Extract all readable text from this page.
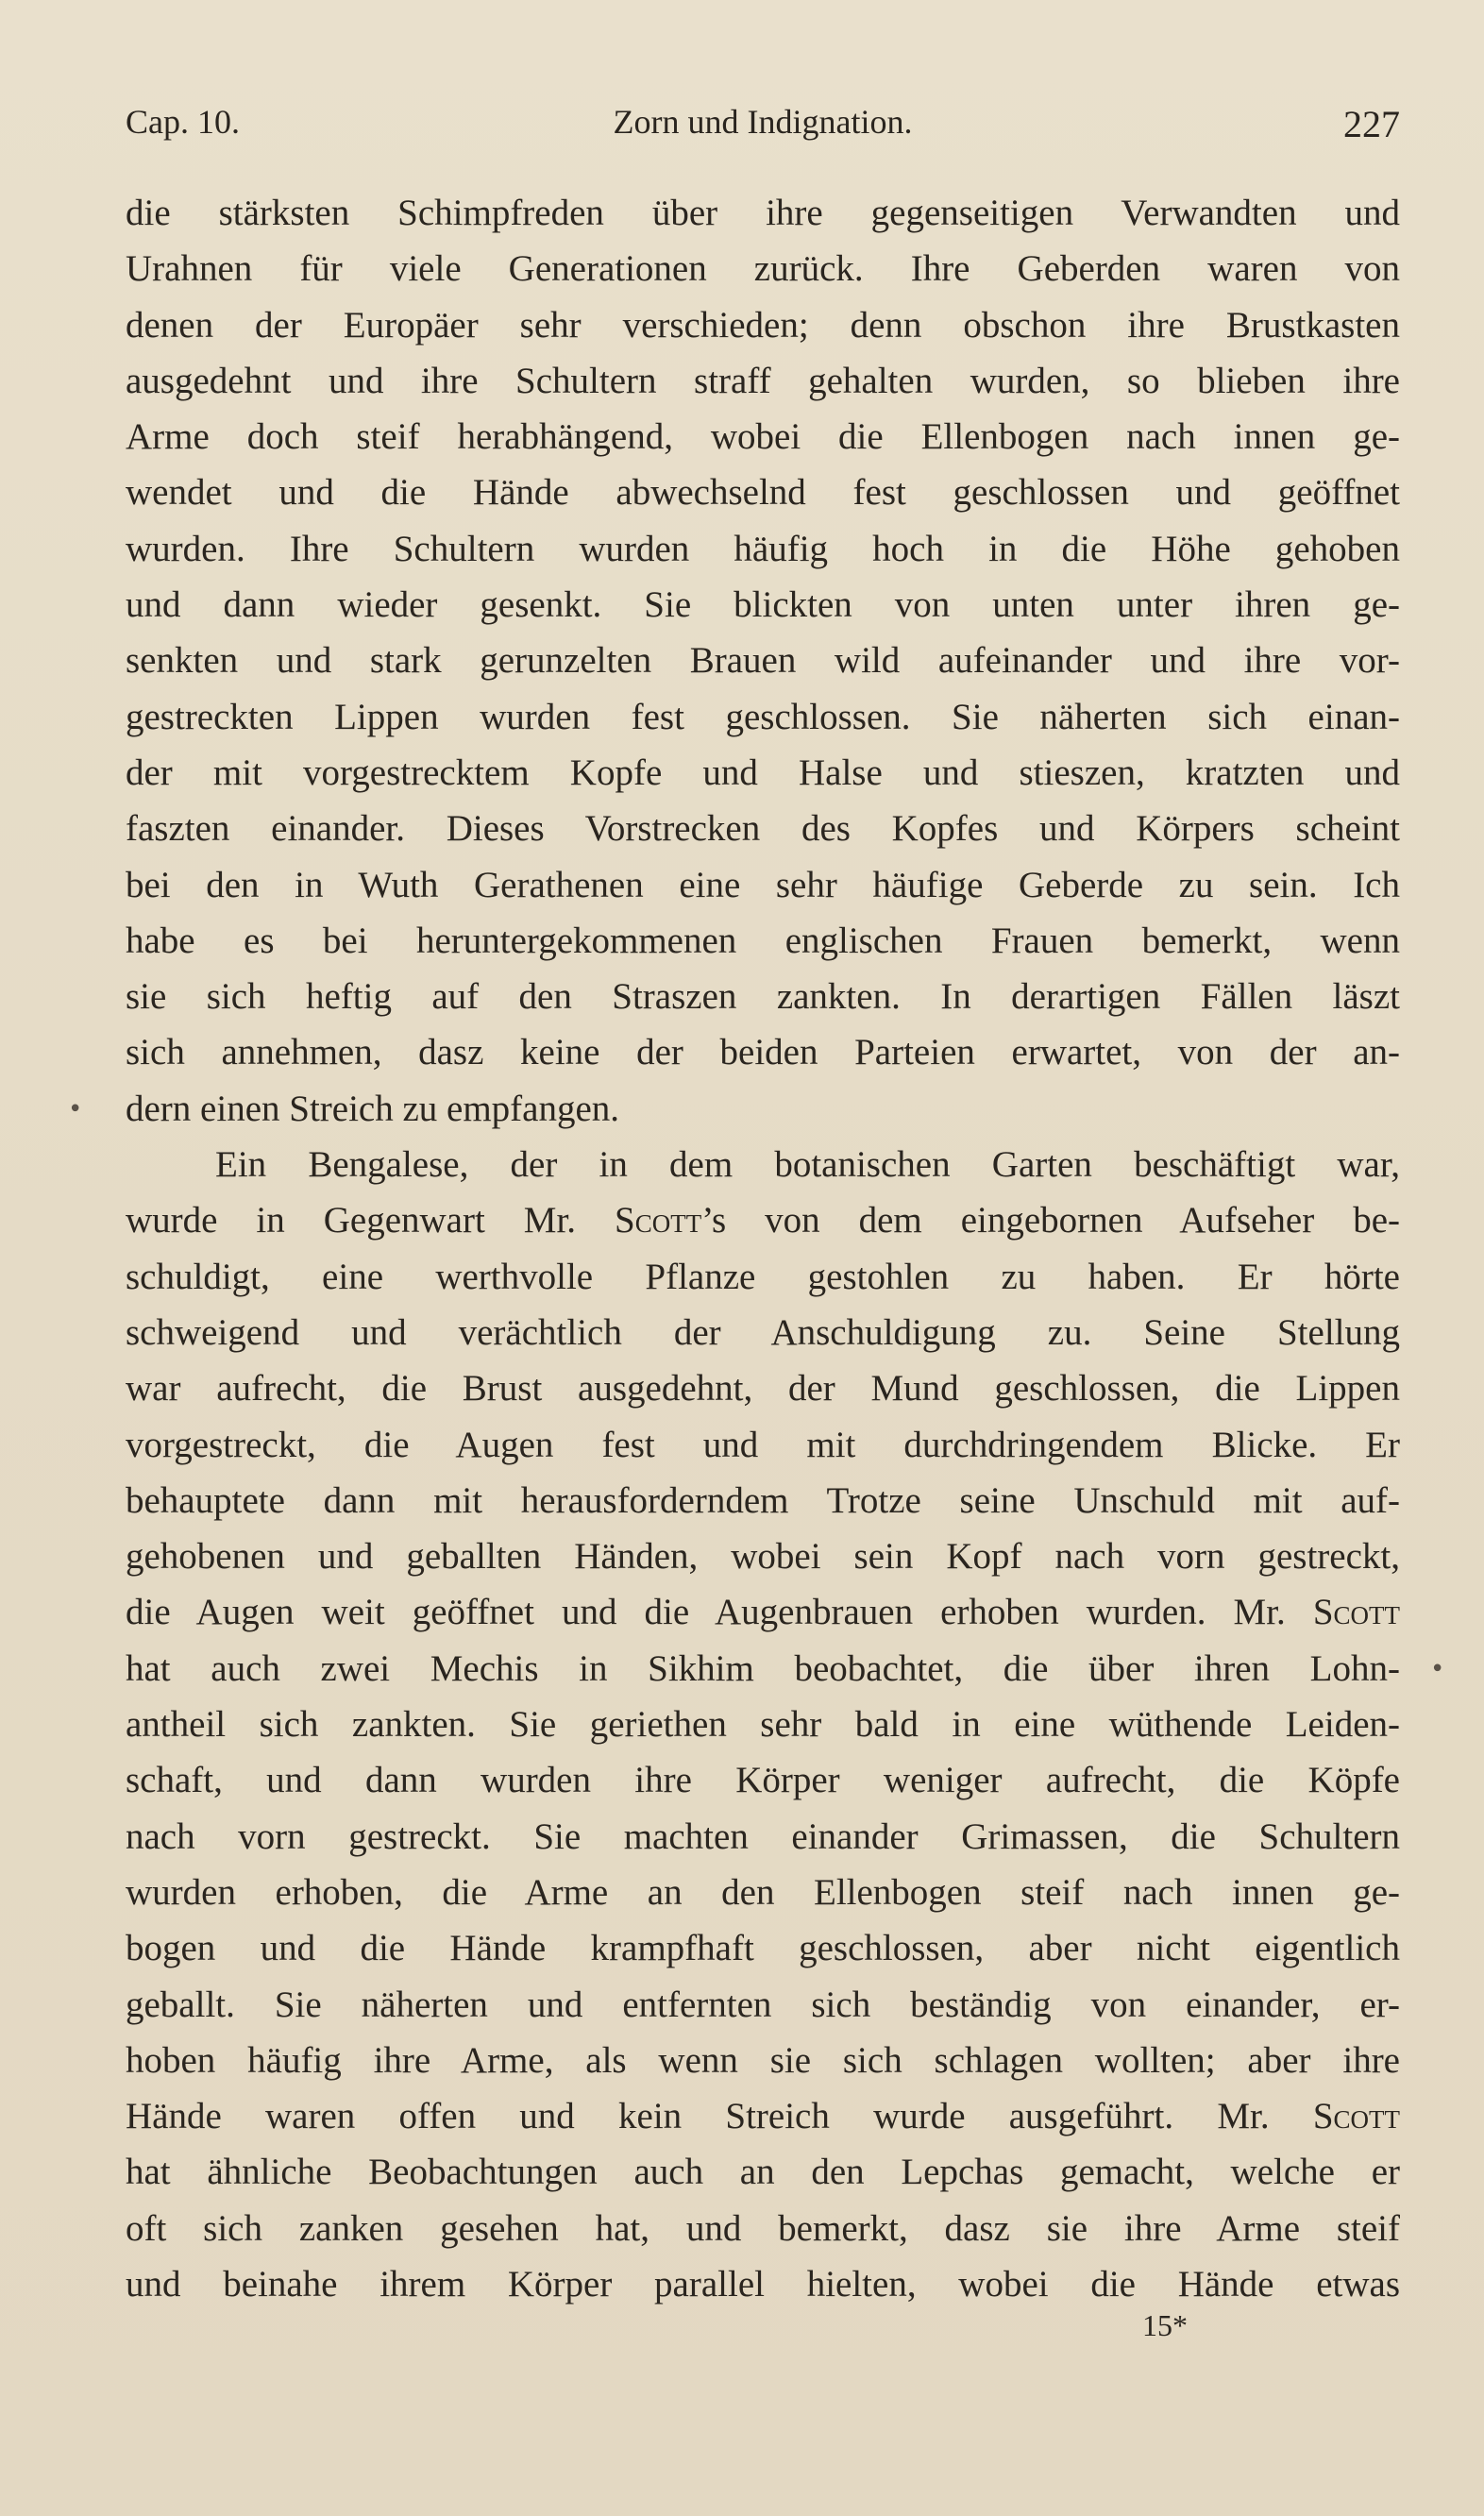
Cap. 10.	Zorn und Indignation.	227
die stärksten Schimpfreden über ihre gegenseitigen Verwandten und
Urahnen für viele Generationen zurück. Ihre Geberden waren von
denen der Europäer sehr verschieden; denn obschon ihre Brustkasten
ausgedehnt und ihre Schultern straff gehalten wurden, so blieben ihre
Arme doch steif herabhängend, wobei die Ellenbogen nach innen ge-
wendet und die Hände abwechselnd fest geschlossen und geöffnet
wurden. Ihre Schultern wurden häufig hoch in die Höhe gehoben
und dann wieder gesenkt. Sie blickten von unten unter ihren ge-
senkten und stark gerunzelten Brauen wild aufeinander und ihre vor-
gestreckten Lippen wurden fest geschlossen. Sie näherten sich einan-
der mit vorgestrecktem Kopfe und Halse und stieszen, kratzten und
faszten einander. Dieses Vorstrecken des Kopfes und Körpers scheint
bei den in Wuth Gerathenen eine sehr häufige Geberde zu sein. Ich
habe es bei heruntergekommenen englischen Frauen bemerkt, wenn
sie sich heftig auf den Straszen zankten. In derartigen Fällen läszt
sich annehmen, dasz keine der beiden Parteien erwartet, von der an-
dern einen Streich zu empfangen.
Ein Bengalese, der in dem botanischen Garten beschäftigt war,
wurde in Gegenwart Mr. Scott’s von dem eingebornen Aufseher be-
schuldigt, eine werthvolle Pflanze gestohlen zu haben. Er hörte
schweigend und verächtlich der Anschuldigung zu. Seine Stellung
war aufrecht, die Brust ausgedehnt, der Mund geschlossen, die Lippen
vorgestreckt, die Augen fest und mit durchdringendem Blicke. Er
behauptete dann mit herausforderndem Trotze seine Unschuld mit auf-
gehobenen und geballten Händen, wobei sein Kopf nach vorn gestreckt,
die Augen weit geöffnet und die Augenbrauen erhoben wurden. Mr. Scott
hat auch zwei Mechis in Sikhim beobachtet, die über ihren Lohn-
antheil sich zankten. Sie geriethen sehr bald in eine wüthende Leiden-
schaft, und dann wurden ihre Körper weniger aufrecht, die Köpfe
nach vorn gestreckt. Sie machten einander Grimassen, die Schultern
wurden erhoben, die Arme an den Ellenbogen steif nach innen ge-
bogen und die Hände krampfhaft geschlossen, aber nicht eigentlich
geballt. Sie näherten und entfernten sich beständig von einander, er-
hoben häufig ihre Arme, als wenn sie sich schlagen wollten; aber ihre
Hände waren offen und kein Streich wurde ausgeführt. Mr. Scott
hat ähnliche Beobachtungen auch an den Lepchas gemacht, welche er
oft sich zanken gesehen hat, und bemerkt, dasz sie ihre Arme steif
und beinahe ihrem Körper parallel hielten, wobei die Hände etwas
15*
•
•
